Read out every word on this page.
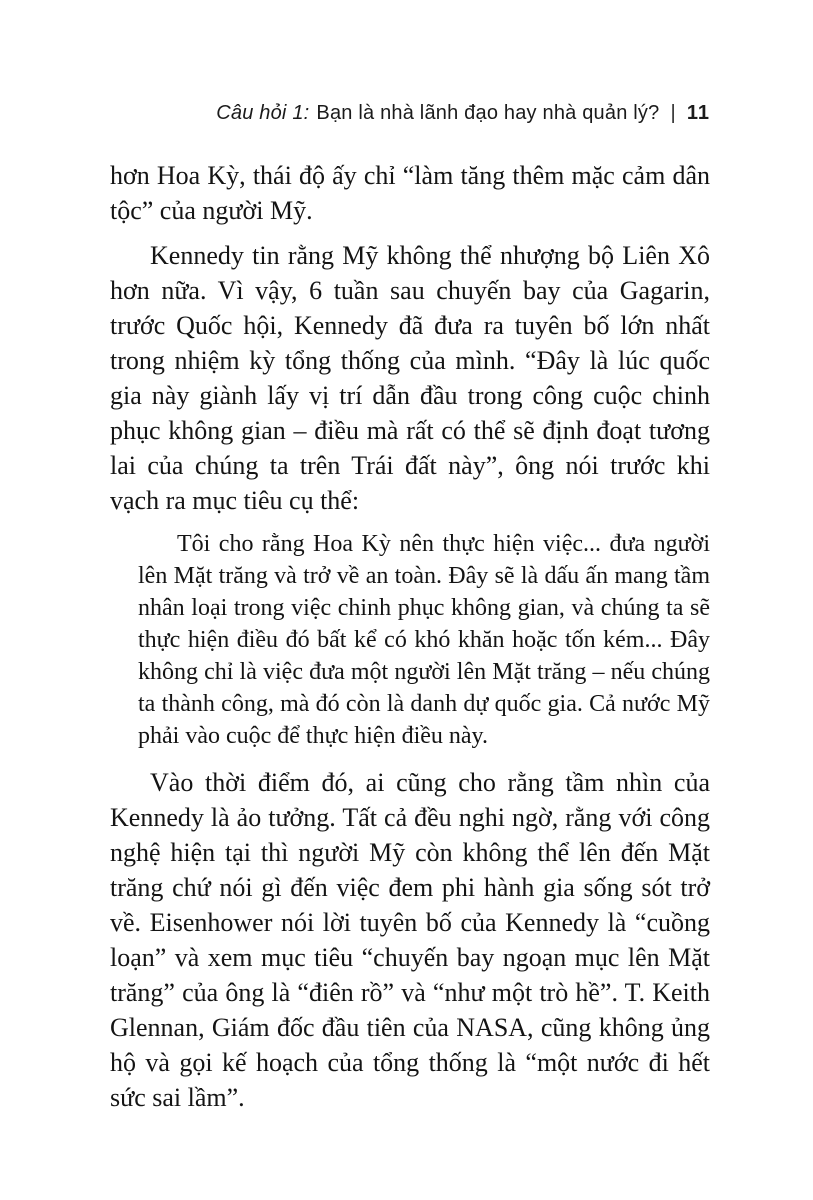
Câu hỏi 1: Bạn là nhà lãnh đạo hay nhà quản lý? | 11

hơn Hoa Kỳ, thái độ ấy chỉ “làm tăng thêm mặc cảm dân tộc” của người Mỹ.

Kennedy tin rằng Mỹ không thể nhượng bộ Liên Xô hơn nữa. Vì vậy, 6 tuần sau chuyến bay của Gagarin, trước Quốc hội, Kennedy đã đưa ra tuyên bố lớn nhất trong nhiệm kỳ tổng thống của mình. “Đây là lúc quốc gia này giành lấy vị trí dẫn đầu trong công cuộc chinh phục không gian – điều mà rất có thể sẽ định đoạt tương lai của chúng ta trên Trái đất này”, ông nói trước khi vạch ra mục tiêu cụ thể:

Tôi cho rằng Hoa Kỳ nên thực hiện việc... đưa người lên Mặt trăng và trở về an toàn. Đây sẽ là dấu ấn mang tầm nhân loại trong việc chinh phục không gian, và chúng ta sẽ thực hiện điều đó bất kể có khó khăn hoặc tốn kém... Đây không chỉ là việc đưa một người lên Mặt trăng – nếu chúng ta thành công, mà đó còn là danh dự quốc gia. Cả nước Mỹ phải vào cuộc để thực hiện điều này.

Vào thời điểm đó, ai cũng cho rằng tầm nhìn của Kennedy là ảo tưởng. Tất cả đều nghi ngờ, rằng với công nghệ hiện tại thì người Mỹ còn không thể lên đến Mặt trăng chứ nói gì đến việc đem phi hành gia sống sót trở về. Eisenhower nói lời tuyên bố của Kennedy là “cuồng loạn” và xem mục tiêu “chuyến bay ngoạn mục lên Mặt trăng” của ông là “điên rồ” và “như một trò hề”. T. Keith Glennan, Giám đốc đầu tiên của NASA, cũng không ủng hộ và gọi kế hoạch của tổng thống là “một nước đi hết sức sai lầm”.
